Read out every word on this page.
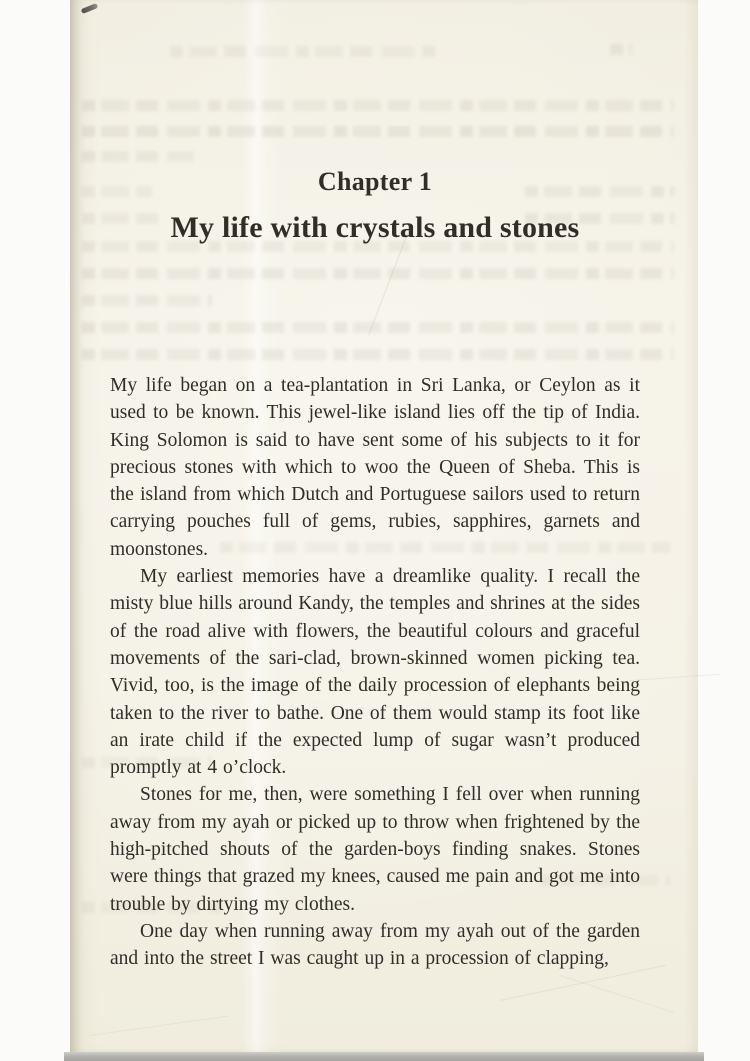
Chapter 1
My life with crystals and stones

My life began on a tea-plantation in Sri Lanka, or Ceylon as it used to be known. This jewel-like island lies off the tip of India. King Solomon is said to have sent some of his subjects to it for precious stones with which to woo the Queen of Sheba. This is the island from which Dutch and Portuguese sailors used to return carrying pouches full of gems, rubies, sapphires, garnets and moonstones.

My earliest memories have a dreamlike quality. I recall the misty blue hills around Kandy, the temples and shrines at the sides of the road alive with flowers, the beautiful colours and graceful movements of the sari-clad, brown-skinned women picking tea. Vivid, too, is the image of the daily procession of elephants being taken to the river to bathe. One of them would stamp its foot like an irate child if the expected lump of sugar wasn’t produced promptly at 4 o’clock.

Stones for me, then, were something I fell over when running away from my ayah or picked up to throw when frightened by the high-pitched shouts of the garden-boys finding snakes. Stones were things that grazed my knees, caused me pain and got me into trouble by dirtying my clothes.

One day when running away from my ayah out of the garden and into the street I was caught up in a procession of clapping,
